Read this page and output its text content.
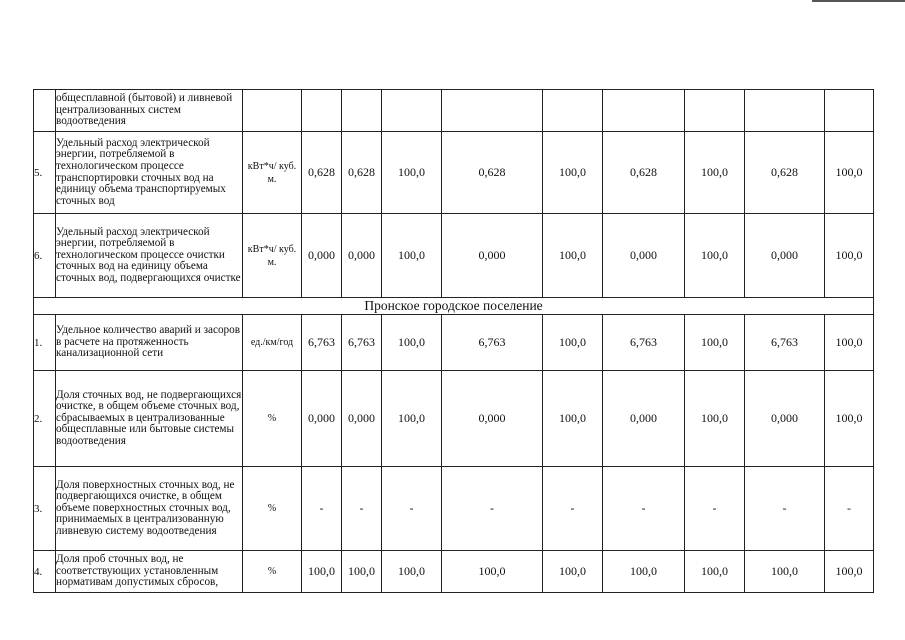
	общесплавной (бытовой) и ливневой централизованных систем водоотведения										
5.	Удельный расход электрической энергии, потребляемой в технологическом процессе транспортировки сточных вод на единицу объема транспортируемых сточных вод	кВт*ч/ куб. м.	0,628	0,628	100,0	0,628	100,0	0,628	100,0	0,628	100,0
6.	Удельный расход электрической энергии, потребляемой в технологическом процессе очистки сточных вод на единицу объема сточных вод, подвергающихся очистке	кВт*ч/ куб. м.	0,000	0,000	100,0	0,000	100,0	0,000	100,0	0,000	100,0
Пронское городское поселение											
1.	Удельное количество аварий и засоров в расчете на протяженность канализационной сети	ед./км/год	6,763	6,763	100,0	6,763	100,0	6,763	100,0	6,763	100,0
2.	Доля сточных вод, не подвергающихся очистке, в общем объеме сточных вод, сбрасываемых в централизованные общесплавные или бытовые системы водоотведения	%	0,000	0,000	100,0	0,000	100,0	0,000	100,0	0,000	100,0
3.	Доля поверхностных сточных вод, не подвергающихся очистке, в общем объеме поверхностных сточных вод, принимаемых в централизованную ливневую систему водоотведения	%	-	-	-	-	-	-	-	-	-
4.	Доля проб сточных вод, не соответствующих установленным нормативам допустимых сбросов,	%	100,0	100,0	100,0	100,0	100,0	100,0	100,0	100,0	100,0
